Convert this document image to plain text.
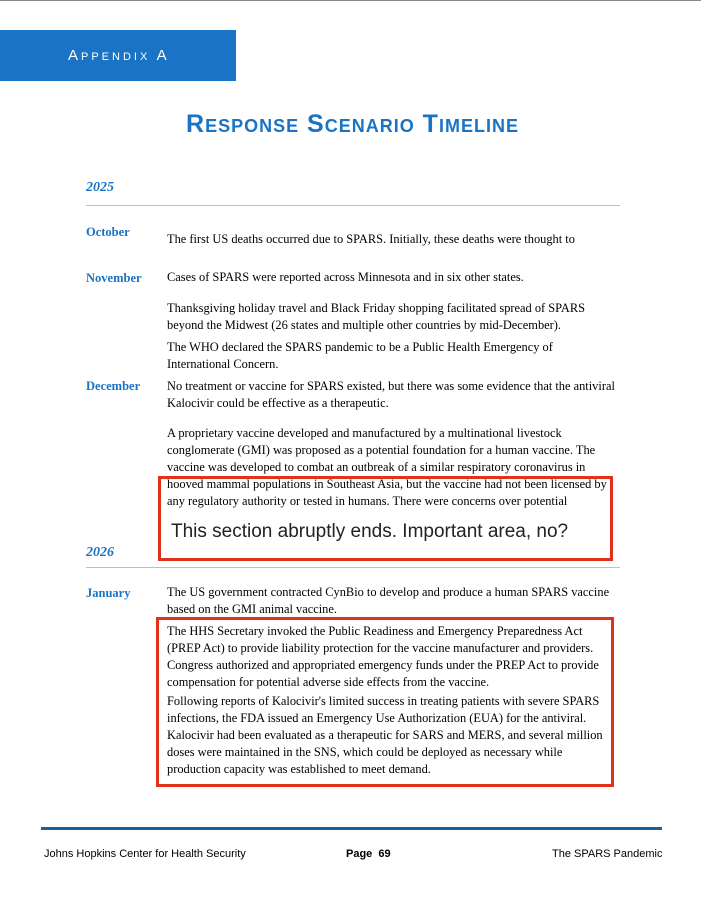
Appendix A
Response Scenario Timeline
2025
October	The first US deaths occurred due to SPARS. Initially, these deaths were thought to
November Cases of SPARS were reported across Minnesota and in six other states.
Thanksgiving holiday travel and Black Friday shopping facilitated spread of SPARS beyond the Midwest (26 states and multiple other countries by mid-December).
The WHO declared the SPARS pandemic to be a Public Health Emergency of International Concern.
December No treatment or vaccine for SPARS existed, but there was some evidence that the antiviral Kalocivir could be effective as a therapeutic.
A proprietary vaccine developed and manufactured by a multinational livestock conglomerate (GMI) was proposed as a potential foundation for a human vaccine. The vaccine was developed to combat an outbreak of a similar respiratory coronavirus in hooved mammal populations in Southeast Asia, but the vaccine had not been licensed by any regulatory authority or tested in humans. There were concerns over potential
This section abruptly ends. Important area, no?
2026
January	The US government contracted CynBio to develop and produce a human SPARS vaccine based on the GMI animal vaccine.
The HHS Secretary invoked the Public Readiness and Emergency Preparedness Act (PREP Act) to provide liability protection for the vaccine manufacturer and providers. Congress authorized and appropriated emergency funds under the PREP Act to provide compensation for potential adverse side effects from the vaccine.
Following reports of Kalocivir's limited success in treating patients with severe SPARS infections, the FDA issued an Emergency Use Authorization (EUA) for the antiviral. Kalocivir had been evaluated as a therapeutic for SARS and MERS, and several million doses were maintained in the SNS, which could be deployed as necessary while production capacity was established to meet demand.
Johns Hopkins Center for Health Security	Page  69	The SPARS Pandemic
